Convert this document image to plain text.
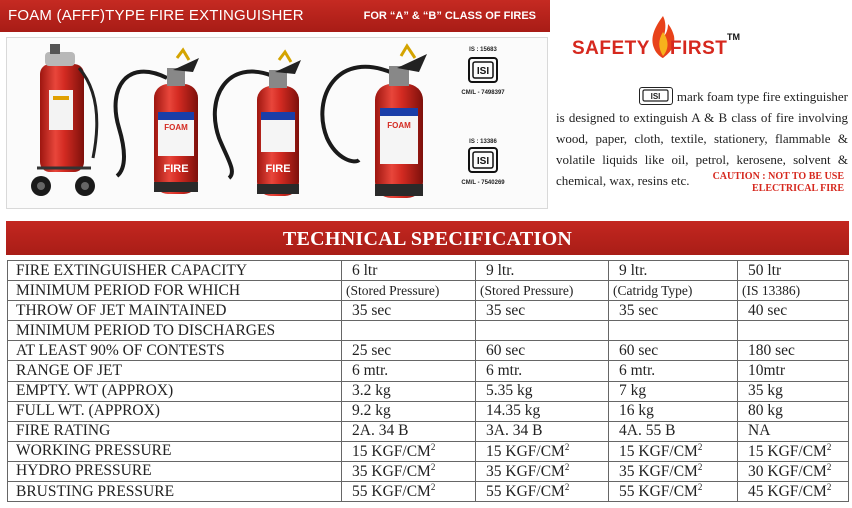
FOAM (AFFF)TYPE FIRE EXTINGUISHER	FOR “A” & “B” CLASS OF FIRES
FOAM
FIRE	FIRE
FOAM
IS : 15683
ISI
CM/L - 7498397
IS : 13386
ISI
CM/L - 7540269
SAFETY FIRST
TM
ISI mark foam type fire extinguisher
is designed to extinguish A & B class of fire involving wood, paper, cloth, textile, stationery, flammable & volatile liquids like oil, petrol, kerosene, solvent & chemical, wax, resins etc.	CAUTION : NOT TO BE USE
ELECTRICAL FIRE
TECHNICAL SPECIFICATION
FIRE EXTINGUISHER CAPACITY	6 ltr	9 ltr.	9 ltr.	50 ltr
MINIMUM PERIOD FOR WHICH	(Stored Pressure)	(Stored Pressure)	(Catridg Type)	(IS 13386)
THROW OF JET MAINTAINED	35 sec	35 sec	35 sec	40 sec
MINIMUM PERIOD TO DISCHARGES				
AT LEAST 90% OF CONTESTS	25 sec	60 sec	60 sec	180 sec
RANGE OF JET	6 mtr.	6 mtr.	6 mtr.	10mtr
EMPTY. WT (APPROX)	3.2 kg	5.35 kg	7 kg	35 kg
FULL WT. (APPROX)	9.2 kg	14.35 kg	16 kg	80 kg
FIRE RATING	2A. 34 B	3A. 34 B	4A. 55 B	NA
WORKING PRESSURE	15 KGF/$CM^2$	15 KGF/$CM^2$	15 KGF/$CM^2$	15 KGF/$CM^2$
HYDRO PRESSURE	35 KGF/$CM^2$	35 KGF/$CM^2$	35 KGF/$CM^2$	30 KGF/$CM^2$
BRUSTING PRESSURE	55 KGF/$CM^2$	55 KGF/$CM^2$	55 KGF/$CM^2$	45 KGF/$CM^2$
